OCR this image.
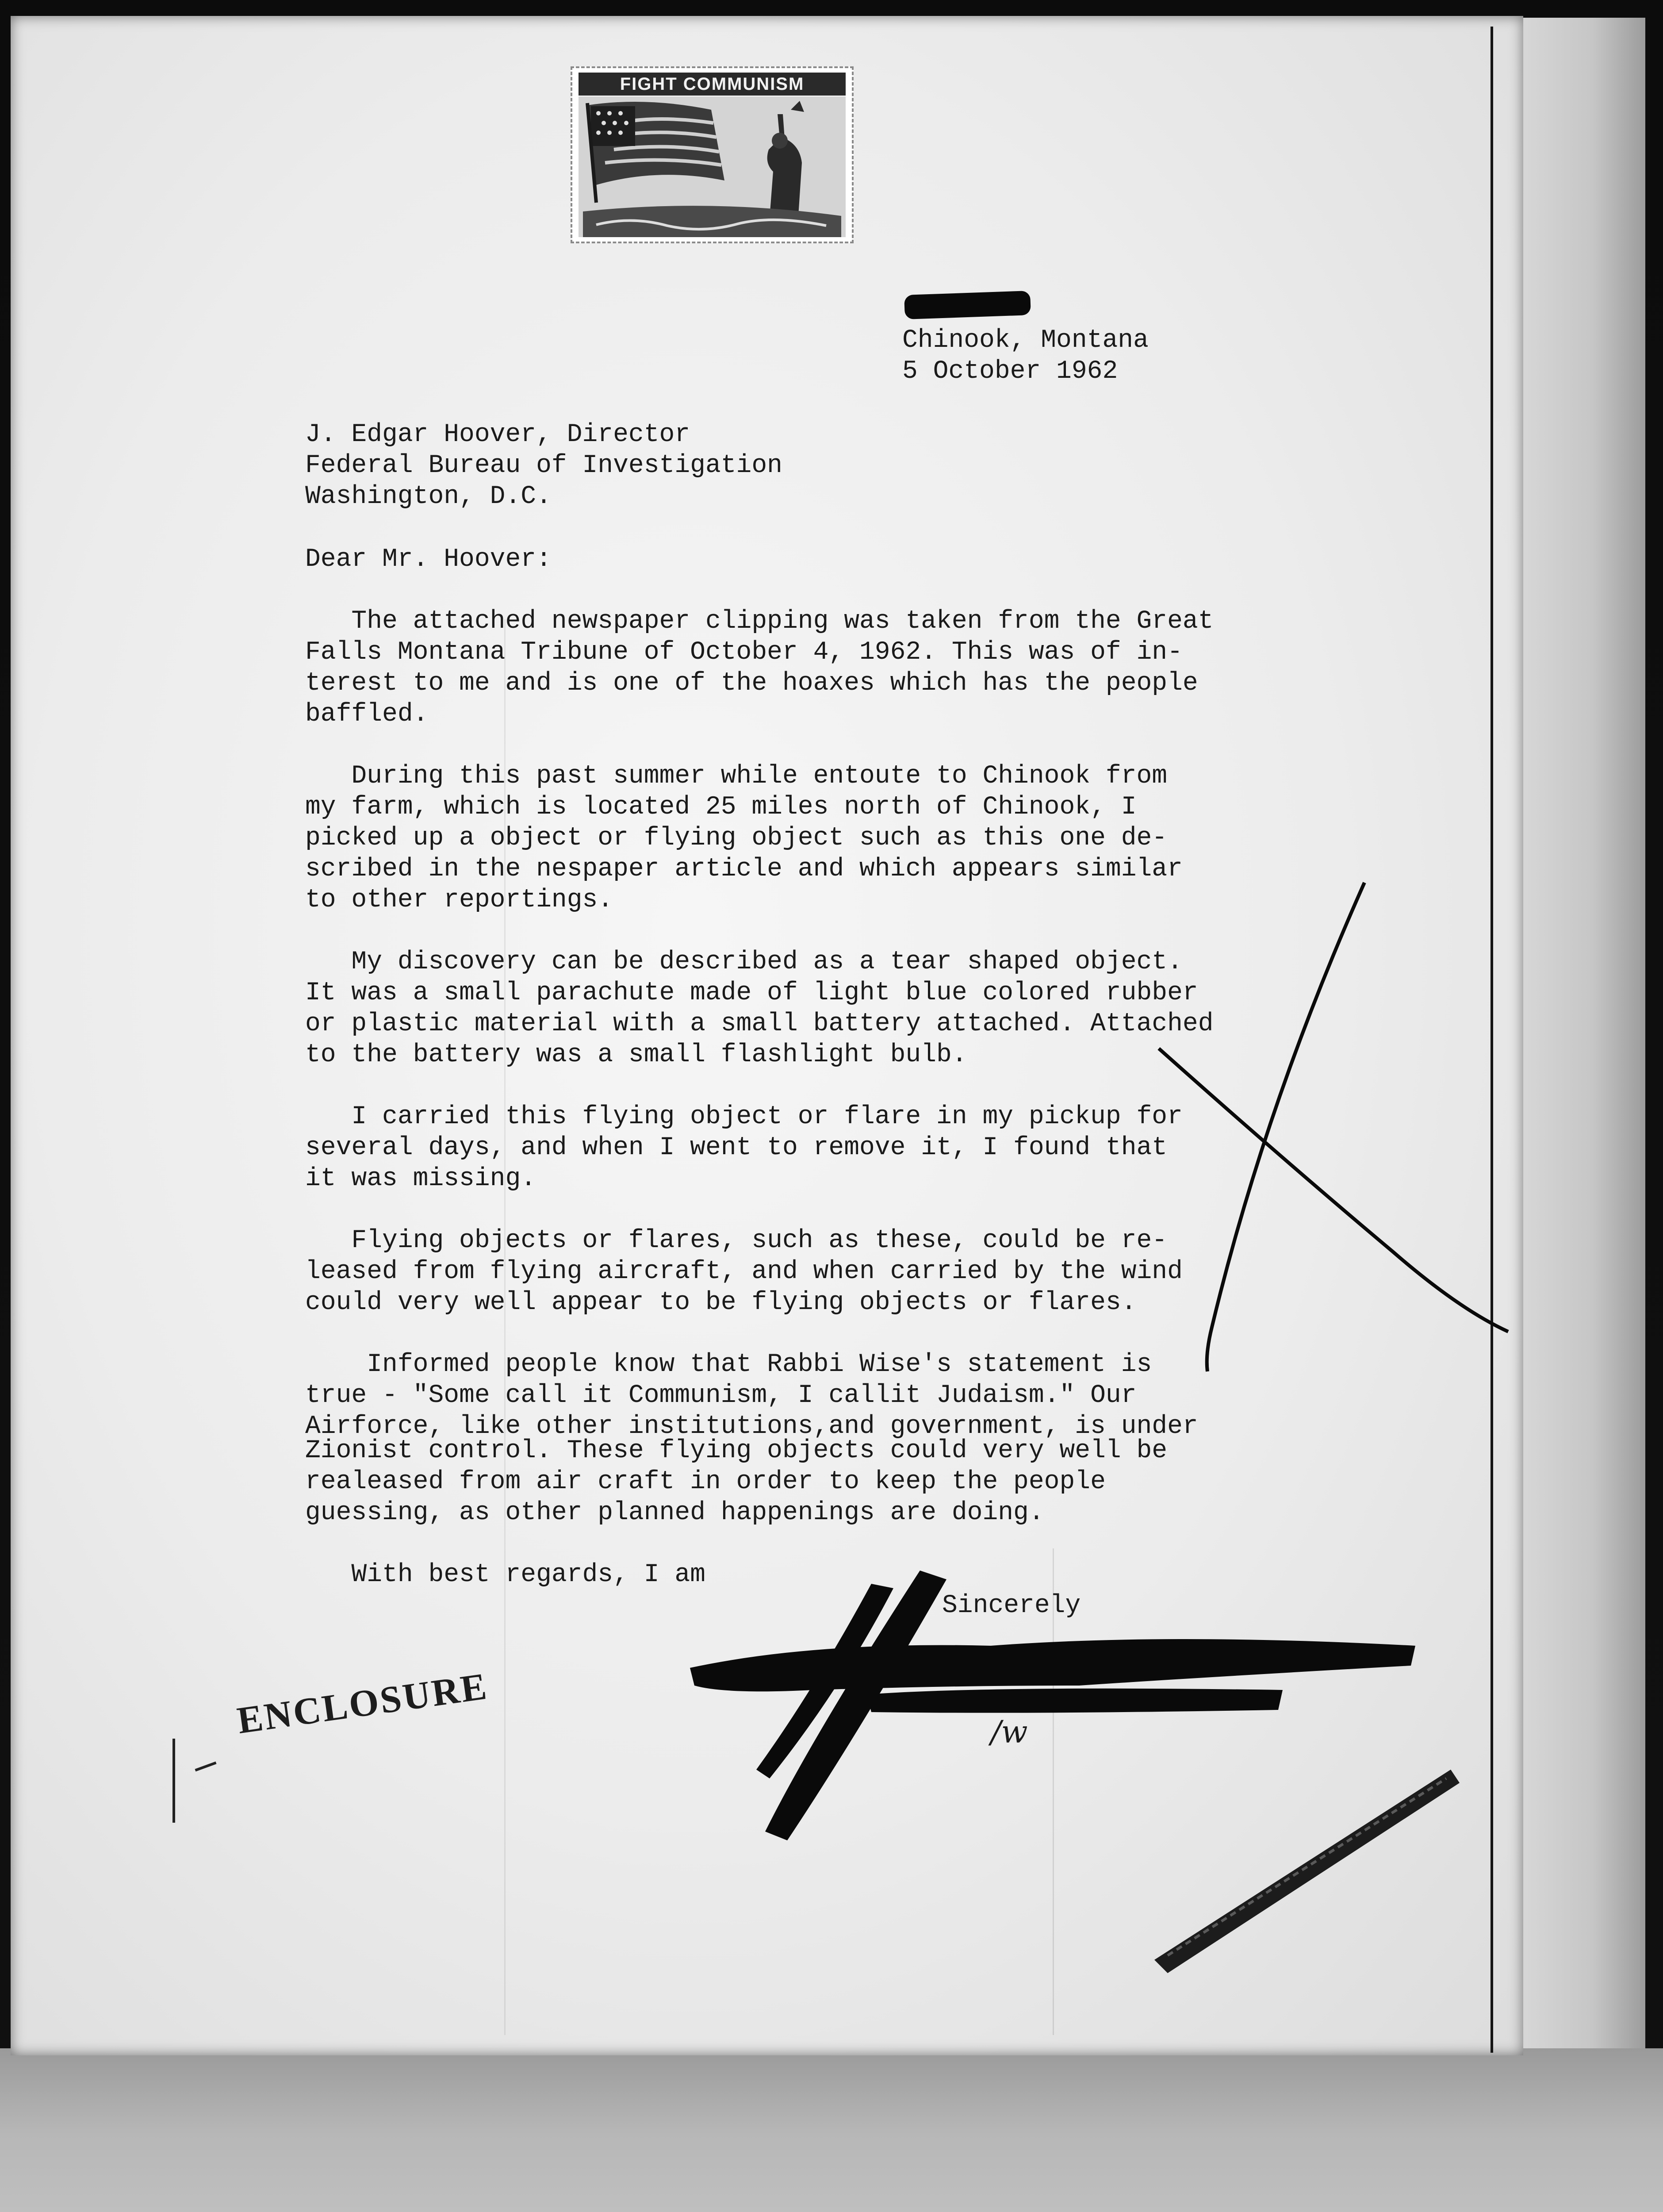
FIGHT COMMUNISM
Chinook, Montana
5 October 1962
J. Edgar Hoover, Director
Federal Bureau of Investigation
Washington, D.C.
Dear Mr. Hoover:
The attached newspaper clipping was taken from the Great
Falls Montana Tribune of October 4, 1962. This was of in-
terest to me and is one of the hoaxes which has the people
baffled.
During this past summer while entoute to Chinook from
my farm, which is located 25 miles north of Chinook, I
picked up a object or flying object such as this one de-
scribed in the nespaper article and which appears similar
to other reportings.
My discovery can be described as a tear shaped object.
It was a small parachute made of light blue colored rubber
or plastic material with a small battery attached. Attached
to the battery was a small flashlight bulb.
I carried this flying object or flare in my pickup for
several days, and when I went to remove it, I found that
it was missing.
Flying objects or flares, such as these, could be re-
leased from flying aircraft, and when carried by the wind
could very well appear to be flying objects or flares.
Informed people know that Rabbi Wise's statement is
true - "Some call it Communism, I callit Judaism." Our
Airforce, like other institutions,and government, is under
Zionist control. These flying objects could very well be
realeased from air craft in order to keep the people
guessing, as other planned happenings are doing.
With best regards, I am
Sincerely
/w
ENCLOSURE
